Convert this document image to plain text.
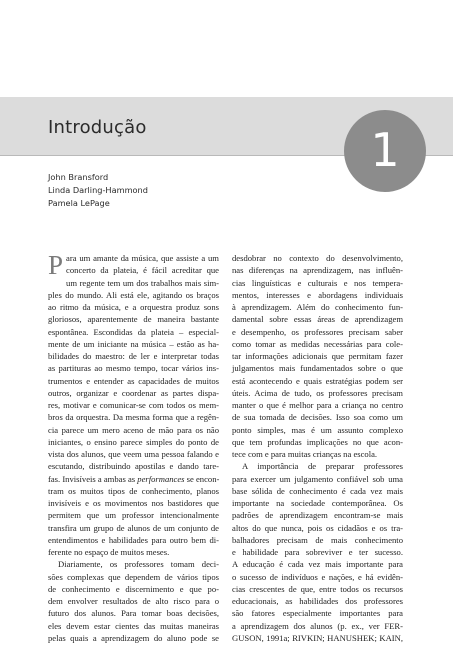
Introdução	1
John Bransford
Linda Darling-Hammond
Pamela LePage
P ara um amante da música, que assiste a um
concerto da plateia, é fácil acreditar que
um regente tem um dos trabalhos mais sim-
ples do mundo. Ali está ele, agitando os braços
ao ritmo da música, e a orquestra produz sons
gloriosos, aparentemente de maneira bastante
espontânea. Escondidas da plateia – especial-
mente de um iniciante na música – estão as ha-
bilidades do maestro: de ler e interpretar todas
as partituras ao mesmo tempo, tocar vários ins-
trumentos e entender as capacidades de muitos
outros, organizar e coordenar as partes dispa-
res, motivar e comunicar-se com todos os mem-
bros da orquestra. Da mesma forma que a regên-
cia parece um mero aceno de mão para os não
iniciantes, o ensino parece simples do ponto de
vista dos alunos, que veem uma pessoa falando e
escutando, distribuindo apostilas e dando tare-
fas. Invisíveis a ambas as performances se encon-
tram os muitos tipos de conhecimento, planos
invisíveis e os movimentos nos bastidores que
permitem que um professor intencionalmente
transfira um grupo de alunos de um conjunto de
entendimentos e habilidades para outro bem di-
ferente no espaço de muitos meses.
Diariamente, os professores tomam deci-
sões complexas que dependem de vários tipos
de conhecimento e discernimento e que po-
dem envolver resultados de alto risco para o
futuro dos alunos. Para tomar boas decisões,
eles devem estar cientes das muitas maneiras
pelas quais a aprendizagem do aluno pode se
desdobrar no contexto do desenvolvimento,
nas diferenças na aprendizagem, nas influên-
cias linguísticas e culturais e nos tempera-
mentos, interesses e abordagens individuais
à aprendizagem. Além do conhecimento fun-
damental sobre essas áreas de aprendizagem
e desempenho, os professores precisam saber
como tomar as medidas necessárias para cole-
tar informações adicionais que permitam fazer
julgamentos mais fundamentados sobre o que
está acontecendo e quais estratégias podem ser
úteis. Acima de tudo, os professores precisam
manter o que é melhor para a criança no centro
de sua tomada de decisões. Isso soa como um
ponto simples, mas é um assunto complexo
que tem profundas implicações no que acon-
tece com e para muitas crianças na escola.
A importância de preparar professores
para exercer um julgamento confiável sob uma
base sólida de conhecimento é cada vez mais
importante na sociedade contemporânea. Os
padrões de aprendizagem encontram-se mais
altos do que nunca, pois os cidadãos e os tra-
balhadores precisam de mais conhecimento
e habilidade para sobreviver e ter sucesso.
A educação é cada vez mais importante para
o sucesso de indivíduos e nações, e há evidên-
cias crescentes de que, entre todos os recursos
educacionais, as habilidades dos professores
são fatores especialmente importantes para
a aprendizagem dos alunos (p. ex., ver FER-
GUSON, 1991a; RIVKIN; HANUSHEK; KAIN,
